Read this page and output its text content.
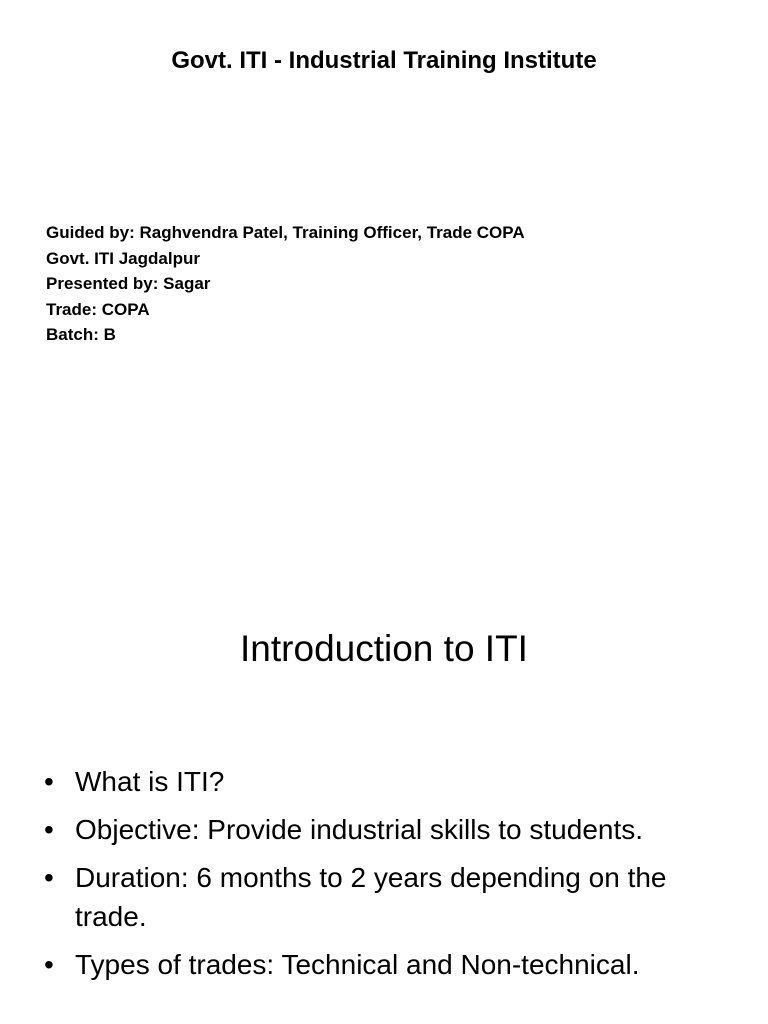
Govt. ITI - Industrial Training Institute
Guided by: Raghvendra Patel, Training Officer, Trade COPA
Govt. ITI Jagdalpur
Presented by: Sagar
Trade: COPA
Batch: B
Introduction to ITI
• What is ITI?
• Objective: Provide industrial skills to students.
• Duration: 6 months to 2 years depending on the trade.
• Types of trades: Technical and Non-technical.
